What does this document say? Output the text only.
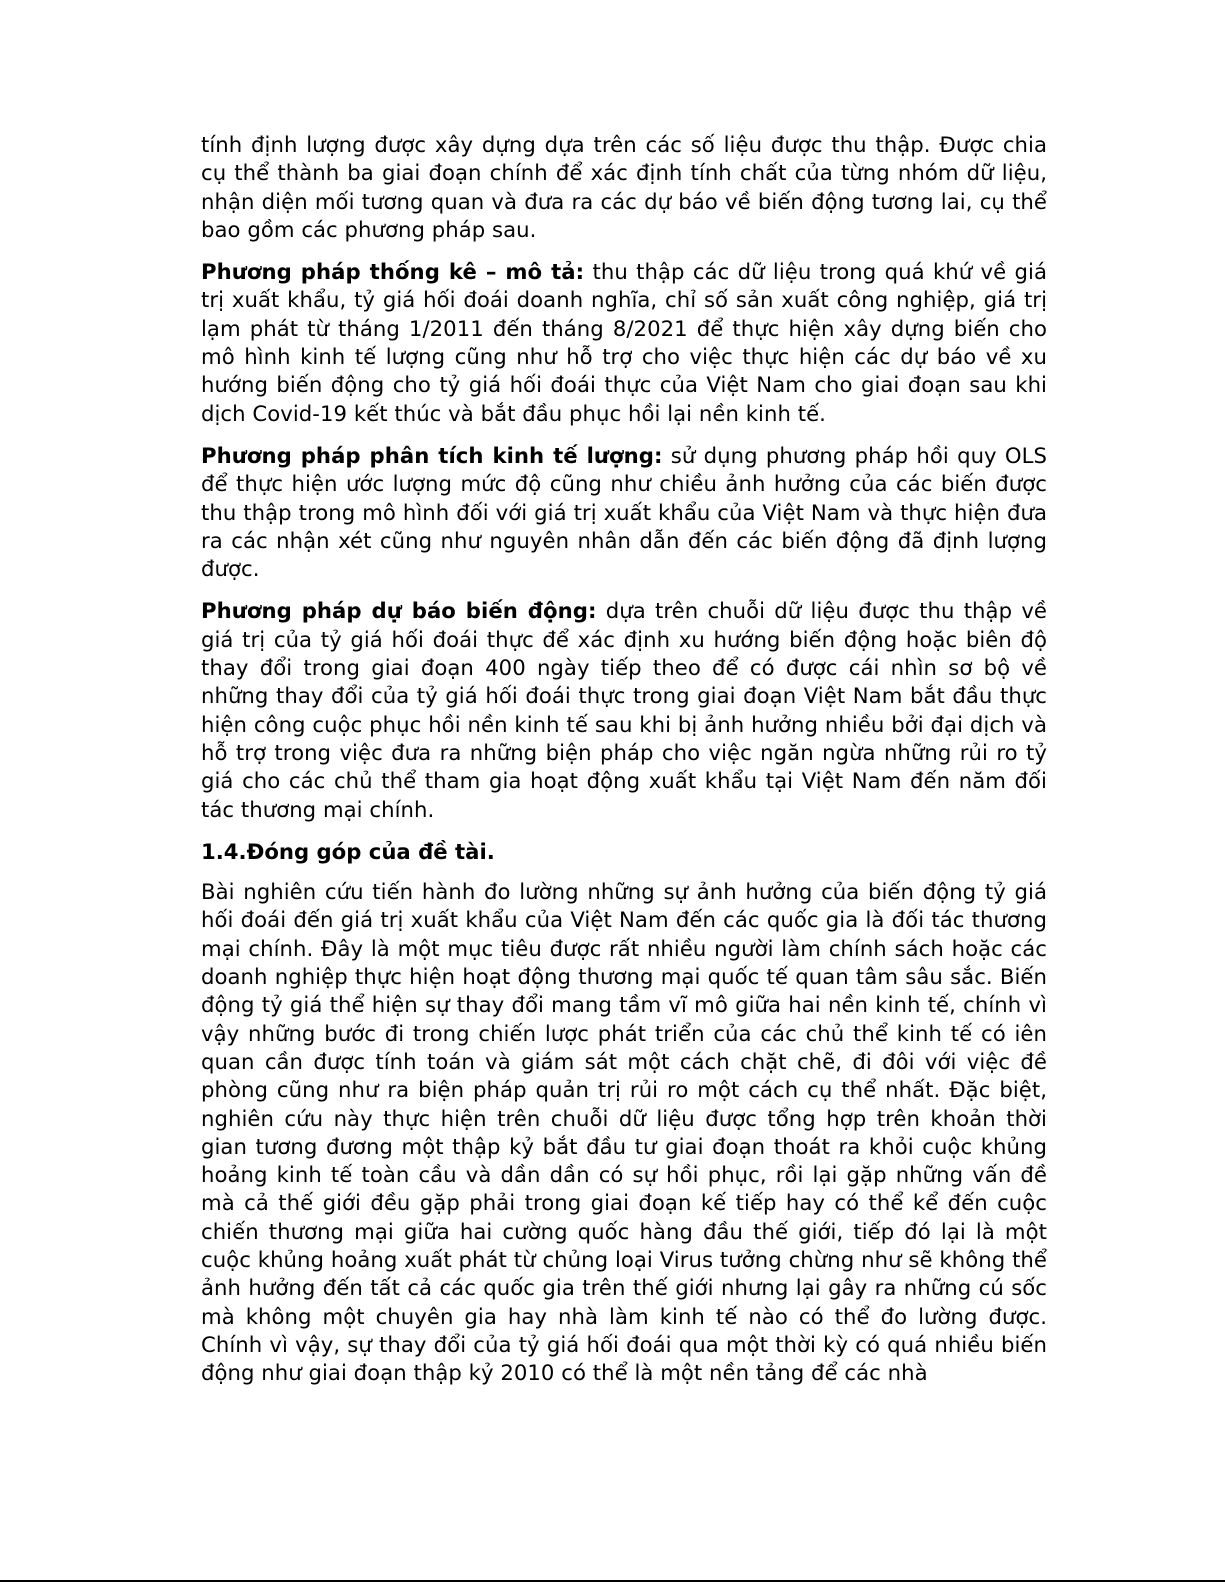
tính định lượng được xây dựng dựa trên các số liệu được thu thập. Được chia cụ thể thành ba giai đoạn chính để xác định tính chất của từng nhóm dữ liệu, nhận diện mối tương quan và đưa ra các dự báo về biến động tương lai, cụ thể bao gồm các phương pháp sau.

Phương pháp thống kê – mô tả: thu thập các dữ liệu trong quá khứ về giá trị xuất khẩu, tỷ giá hối đoái doanh nghĩa, chỉ số sản xuất công nghiệp, giá trị lạm phát từ tháng 1/2011 đến tháng 8/2021 để thực hiện xây dựng biến cho mô hình kinh tế lượng cũng như hỗ trợ cho việc thực hiện các dự báo về xu hướng biến động cho tỷ giá hối đoái thực của Việt Nam cho giai đoạn sau khi dịch Covid-19 kết thúc và bắt đầu phục hồi lại nền kinh tế.

Phương pháp phân tích kinh tế lượng: sử dụng phương pháp hồi quy OLS để thực hiện ước lượng mức độ cũng như chiều ảnh hưởng của các biến được thu thập trong mô hình đối với giá trị xuất khẩu của Việt Nam và thực hiện đưa ra các nhận xét cũng như nguyên nhân dẫn đến các biến động đã định lượng được.

Phương pháp dự báo biến động: dựa trên chuỗi dữ liệu được thu thập về giá trị của tỷ giá hối đoái thực để xác định xu hướng biến động hoặc biên độ thay đổi trong giai đoạn 400 ngày tiếp theo để có được cái nhìn sơ bộ về những thay đổi của tỷ giá hối đoái thực trong giai đoạn Việt Nam bắt đầu thực hiện công cuộc phục hồi nền kinh tế sau khi bị ảnh hưởng nhiều bởi đại dịch và hỗ trợ trong việc đưa ra những biện pháp cho việc ngăn ngừa những rủi ro tỷ giá cho các chủ thể tham gia hoạt động xuất khẩu tại Việt Nam đến năm đối tác thương mại chính.

1.4.Đóng góp của đề tài.

Bài nghiên cứu tiến hành đo lường những sự ảnh hưởng của biến động tỷ giá hối đoái đến giá trị xuất khẩu của Việt Nam đến các quốc gia là đối tác thương mại chính. Đây là một mục tiêu được rất nhiều người làm chính sách hoặc các doanh nghiệp thực hiện hoạt động thương mại quốc tế quan tâm sâu sắc. Biến động tỷ giá thể hiện sự thay đổi mang tầm vĩ mô giữa hai nền kinh tế, chính vì vậy những bước đi trong chiến lược phát triển của các chủ thể kinh tế có iên quan cần được tính toán và giám sát một cách chặt chẽ, đi đôi với việc đề phòng cũng như ra biện pháp quản trị rủi ro một cách cụ thể nhất. Đặc biệt, nghiên cứu này thực hiện trên chuỗi dữ liệu được tổng hợp trên khoản thời gian tương đương một thập kỷ bắt đầu tư giai đoạn thoát ra khỏi cuộc khủng hoảng kinh tế toàn cầu và dần dần có sự hồi phục, rồi lại gặp những vấn đề mà cả thế giới đều gặp phải trong giai đoạn kế tiếp hay có thể kể đến cuộc chiến thương mại giữa hai cường quốc hàng đầu thế giới, tiếp đó lại là một cuộc khủng hoảng xuất phát từ chủng loại Virus tưởng chừng như sẽ không thể ảnh hưởng đến tất cả các quốc gia trên thế giới nhưng lại gây ra những cú sốc mà không một chuyên gia hay nhà làm kinh tế nào có thể đo lường được. Chính vì vậy, sự thay đổi của tỷ giá hối đoái qua một thời kỳ có quá nhiều biến động như giai đoạn thập kỷ 2010 có thể là một nền tảng để các nhà
